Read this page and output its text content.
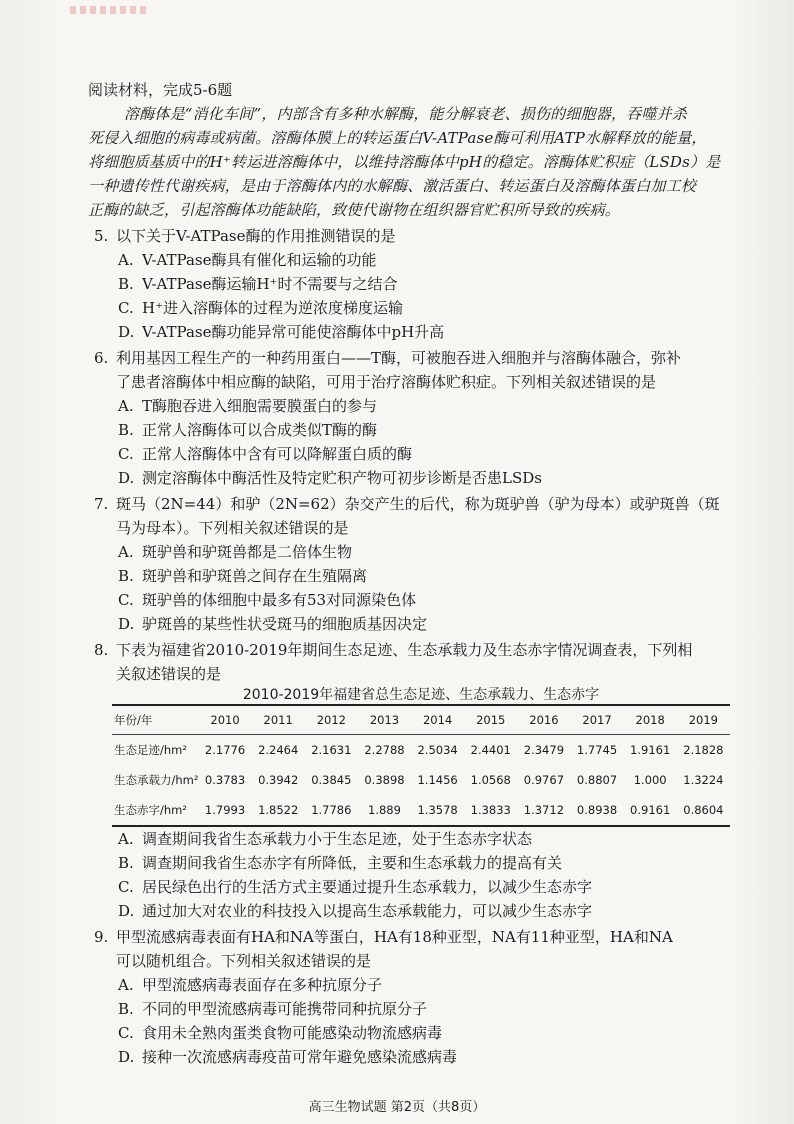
阅读材料，完成5-6题
溶酶体是“消化车间”，内部含有多种水解酶，能分解衰老、损伤的细胞器，吞噬并杀
死侵入细胞的病毒或病菌。溶酶体膜上的转运蛋白V-ATPase酶可利用ATP水解释放的能量，
将细胞质基质中的H⁺转运进溶酶体中，以维持溶酶体中pH的稳定。溶酶体贮积症（LSDs）是
一种遗传性代谢疾病，是由于溶酶体内的水解酶、激活蛋白、转运蛋白及溶酶体蛋白加工校
正酶的缺乏，引起溶酶体功能缺陷，致使代谢物在组织器官贮积所导致的疾病。
5. 以下关于V-ATPase酶的作用推测错误的是
A. V-ATPase酶具有催化和运输的功能
B. V-ATPase酶运输H⁺时不需要与之结合
C. H⁺进入溶酶体的过程为逆浓度梯度运输
D. V-ATPase酶功能异常可能使溶酶体中pH升高
6. 利用基因工程生产的一种药用蛋白——T酶，可被胞吞进入细胞并与溶酶体融合，弥补
了患者溶酶体中相应酶的缺陷，可用于治疗溶酶体贮积症。下列相关叙述错误的是
A. T酶胞吞进入细胞需要膜蛋白的参与
B. 正常人溶酶体可以合成类似T酶的酶
C. 正常人溶酶体中含有可以降解蛋白质的酶
D. 测定溶酶体中酶活性及特定贮积产物可初步诊断是否患LSDs
7. 斑马（2N=44）和驴（2N=62）杂交产生的后代，称为斑驴兽（驴为母本）或驴斑兽（斑
马为母本）。下列相关叙述错误的是
A. 斑驴兽和驴斑兽都是二倍体生物
B. 斑驴兽和驴斑兽之间存在生殖隔离
C. 斑驴兽的体细胞中最多有53对同源染色体
D. 驴斑兽的某些性状受斑马的细胞质基因决定
8. 下表为福建省2010-2019年期间生态足迹、生态承载力及生态赤字情况调查表，下列相
关叙述错误的是
2010-2019年福建省总生态足迹、生态承载力、生态赤字
年份/年	2010	2011	2012	2013	2014	2015	2016	2017	2018	2019
生态足迹/hm²	2.1776	2.2464	2.1631	2.2788	2.5034	2.4401	2.3479	1.7745	1.9161	2.1828
生态承载力/hm²	0.3783	0.3942	0.3845	0.3898	1.1456	1.0568	0.9767	0.8807	1.000	1.3224
生态赤字/hm²	1.7993	1.8522	1.7786	1.889	1.3578	1.3833	1.3712	0.8938	0.9161	0.8604
A. 调查期间我省生态承载力小于生态足迹，处于生态赤字状态
B. 调查期间我省生态赤字有所降低，主要和生态承载力的提高有关
C. 居民绿色出行的生活方式主要通过提升生态承载力，以减少生态赤字
D. 通过加大对农业的科技投入以提高生态承载能力，可以减少生态赤字
9. 甲型流感病毒表面有HA和NA等蛋白，HA有18种亚型，NA有11种亚型，HA和NA
可以随机组合。下列相关叙述错误的是
A. 甲型流感病毒表面存在多种抗原分子
B. 不同的甲型流感病毒可能携带同种抗原分子
C. 食用未全熟肉蛋类食物可能感染动物流感病毒
D. 接种一次流感病毒疫苗可常年避免感染流感病毒
高三生物试题 第2页（共8页）
